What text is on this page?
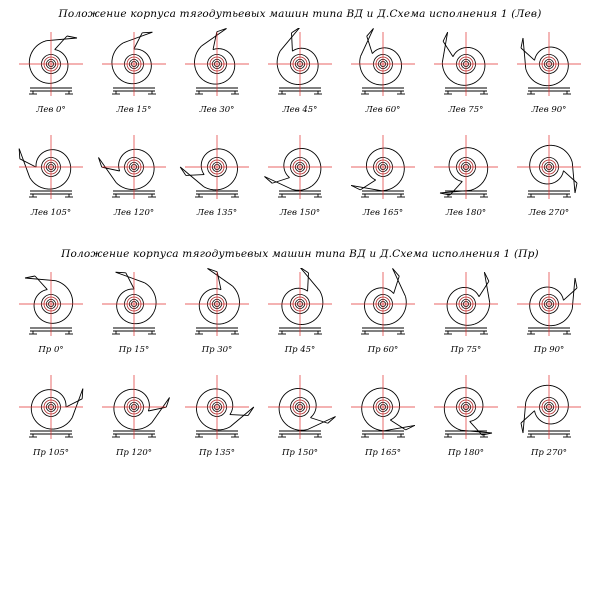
Положение корпуса тягодутьевых машин типа ВД и Д.Схема исполнения 1 (Лев)
Лев 0°	Лев 15°	Лев 30°	Лев 45°	Лев 60°	Лев 75°	Лев 90°
Лев 105°	Лев 120°	Лев 135°	Лев 150°	Лев 165°	Лев 180°	Лев 270°
Положение корпуса тягодутьевых машин типа ВД и Д.Схема исполнения 1 (Пр)
Пр 0°	Пр 15°	Пр 30°	Пр 45°	Пр 60°	Пр 75°	Пр 90°
Пр 105°	Пр 120°	Пр 135°	Пр 150°	Пр 165°	Пр 180°	Пр 270°
